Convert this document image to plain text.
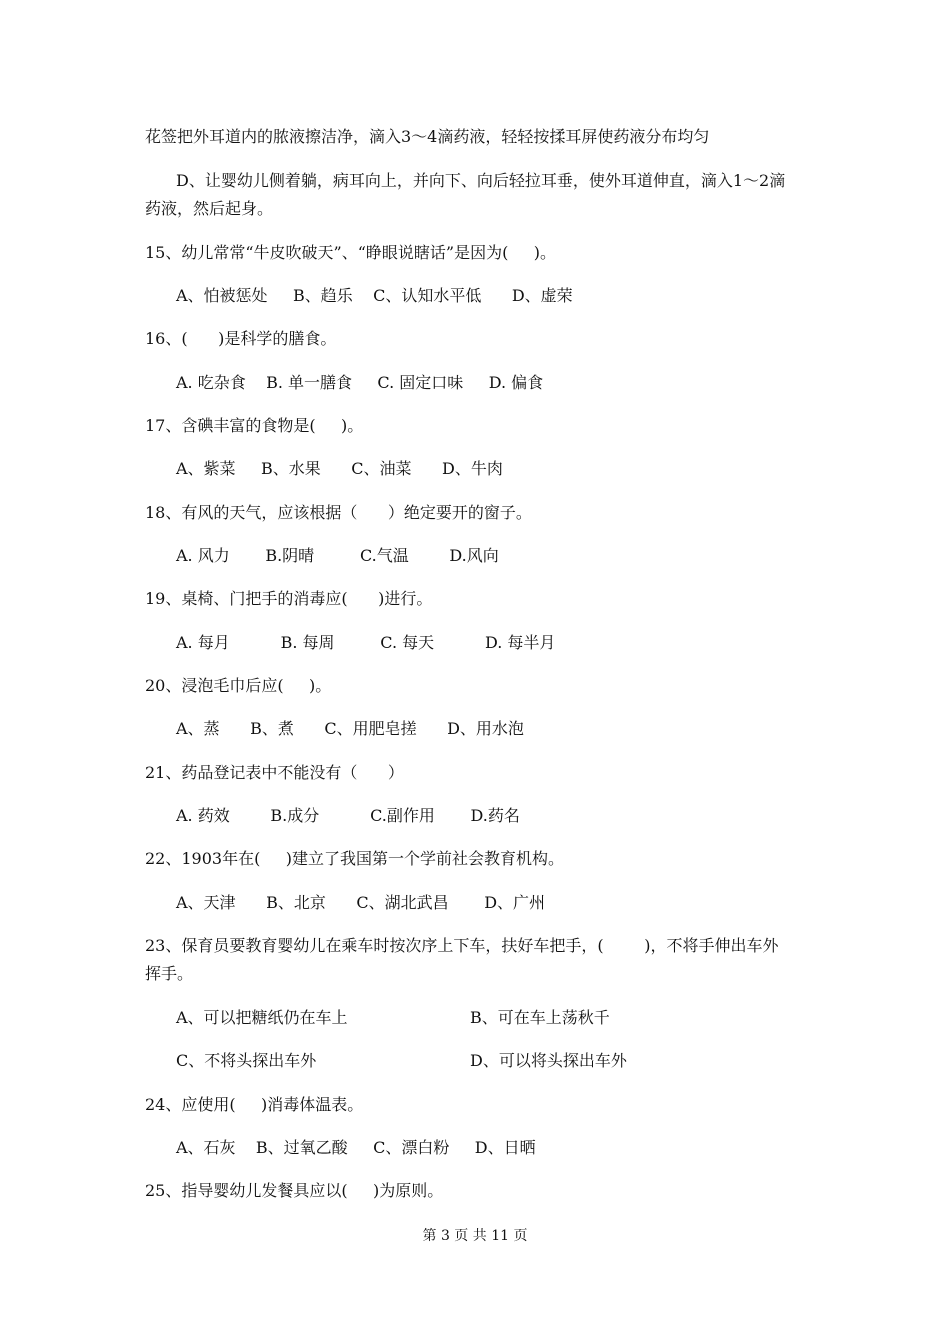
花签把外耳道内的脓液擦洁净，滴入3～4滴药液，轻轻按揉耳屏使药液分布均匀
D、让婴幼儿侧着躺，病耳向上，并向下、向后轻拉耳垂，使外耳道伸直，滴入1～2滴
药液，然后起身。
15、幼儿常常“牛皮吹破天”、“睁眼说瞎话”是因为(     )。
A、怕被惩处     B、趋乐    C、认知水平低      D、虚荣
16、(      )是科学的膳食。
A. 吃杂食    B. 单一膳食     C. 固定口味     D. 偏食
17、含碘丰富的食物是(     )。
A、紫菜     B、水果      C、油菜      D、牛肉
18、有风的天气，应该根据（      ）绝定要开的窗子。
A. 风力       B.阴晴         C.气温        D.风向
19、桌椅、门把手的消毒应(      )进行。
A. 每月          B. 每周         C. 每天          D. 每半月
20、浸泡毛巾后应(     )。
A、蒸      B、煮      C、用肥皂搓      D、用水泡
21、药品登记表中不能没有（      ）
A. 药效        B.成分          C.副作用       D.药名
22、1903年在(     )建立了我国第一个学前社会教育机构。
A、天津      B、北京      C、湖北武昌       D、广州
23、保育员要教育婴幼儿在乘车时按次序上下车，扶好车把手，(        )，不将手伸出车外
挥手。
A、可以把糖纸仍在车上	B、可在车上荡秋千
C、不将头探出车外	D、可以将头探出车外
24、应使用(     )消毒体温表。
A、石灰    B、过氧乙酸     C、漂白粉     D、日晒
25、指导婴幼儿发餐具应以(     )为原则。
第 3 页 共 11 页
